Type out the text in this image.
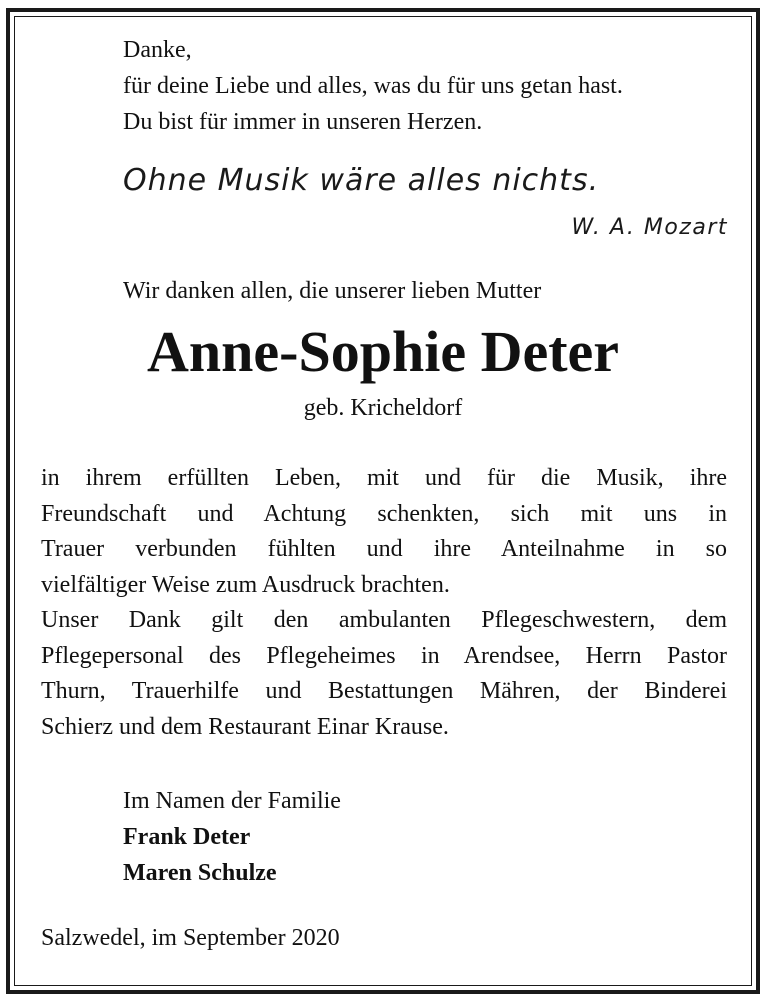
Danke,
für deine Liebe und alles, was du für uns getan hast.
Du bist für immer in unseren Herzen.
Ohne Musik wäre alles nichts.
W. A. Mozart
Wir danken allen, die unserer lieben Mutter
Anne-Sophie Deter
geb. Kricheldorf
in ihrem erfüllten Leben, mit und für die Musik, ihre
Freundschaft und Achtung schenkten, sich mit uns in
Trauer verbunden fühlten und ihre Anteilnahme in so
vielfältiger Weise zum Ausdruck brachten.
Unser Dank gilt den ambulanten Pflegeschwestern, dem
Pflegepersonal des Pflegeheimes in Arendsee, Herrn Pastor
Thurn, Trauerhilfe und Bestattungen Mähren, der Binderei
Schierz und dem Restaurant Einar Krause.
Im Namen der Familie
Frank Deter
Maren Schulze
Salzwedel, im September 2020
